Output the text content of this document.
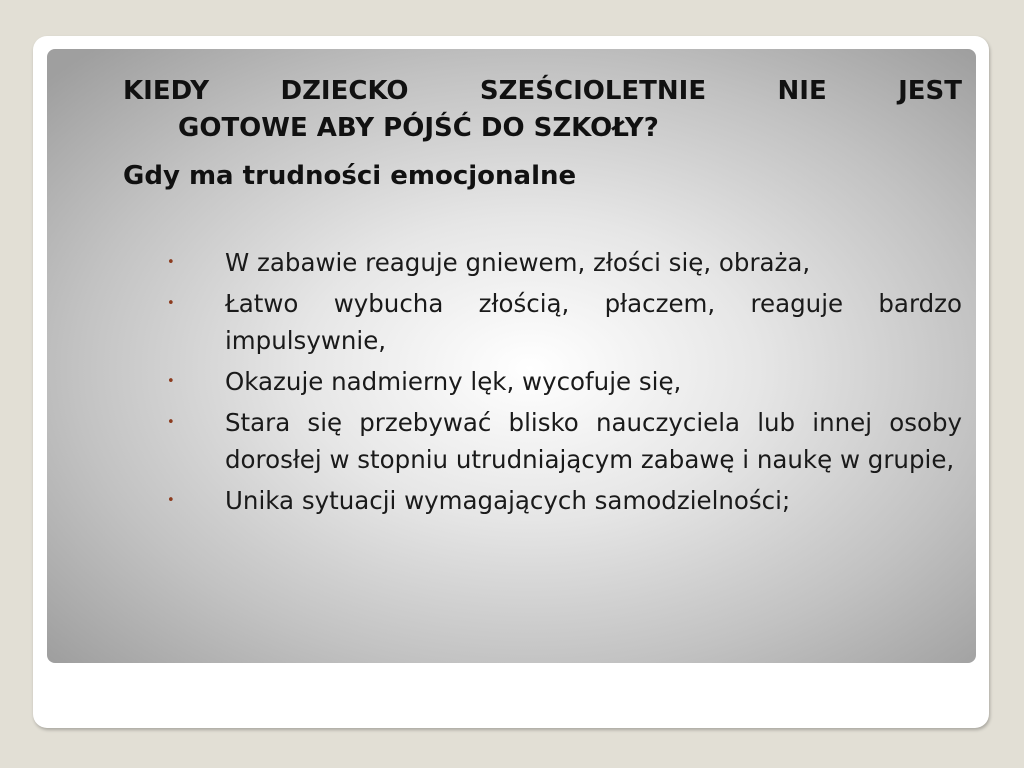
KIEDY DZIECKO SZEŚCIOLETNIE NIE JEST
GOTOWE ABY PÓJŚĆ DO SZKOŁY?
Gdy ma trudności emocjonalne
• W zabawie reaguje gniewem, złości się, obraża,
• Łatwo wybucha złością, płaczem, reaguje bardzo impulsywnie,
• Okazuje nadmierny lęk, wycofuje się,
• Stara się przebywać blisko nauczyciela lub innej osoby dorosłej w stopniu utrudniającym zabawę i naukę w grupie,
• Unika sytuacji wymagających samodzielności;
